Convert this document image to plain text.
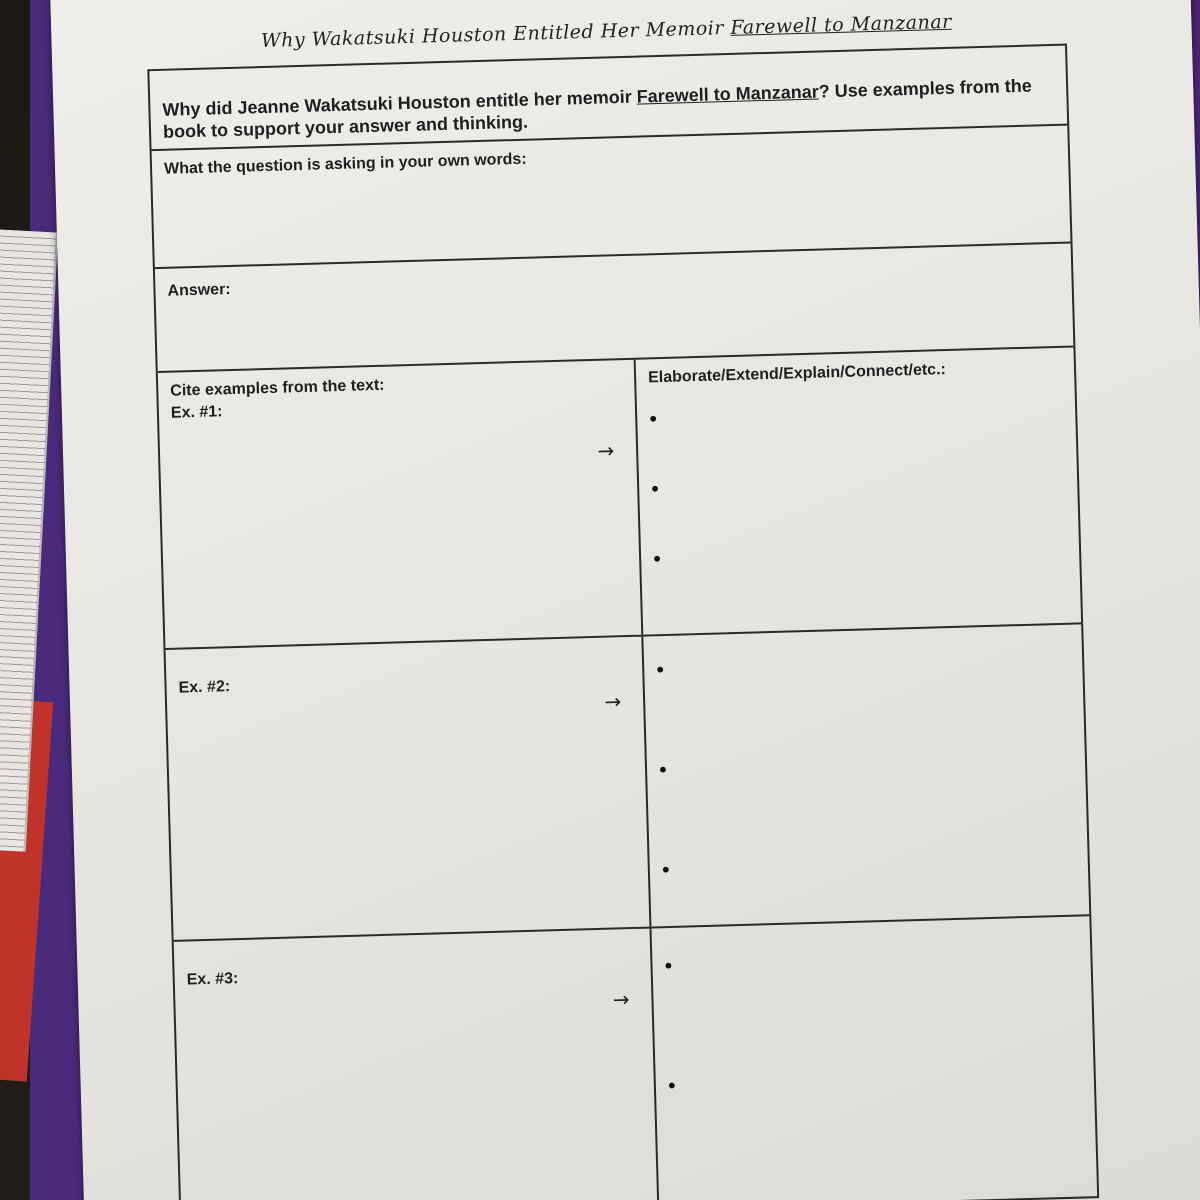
Why Wakatsuki Houston Entitled Her Memoir Farewell to Manzanar
Why did Jeanne Wakatsuki Houston entitle her memoir Farewell to Manzanar? Use examples from the book to support your answer and thinking.
What the question is asking in your own words:
Answer:
Cite examples from the text:
Ex. #1:
→
Elaborate/Extend/Explain/Connect/etc.:
•
•
•
Ex. #2:
→
•
•
•
Ex. #3:
→
•
•
